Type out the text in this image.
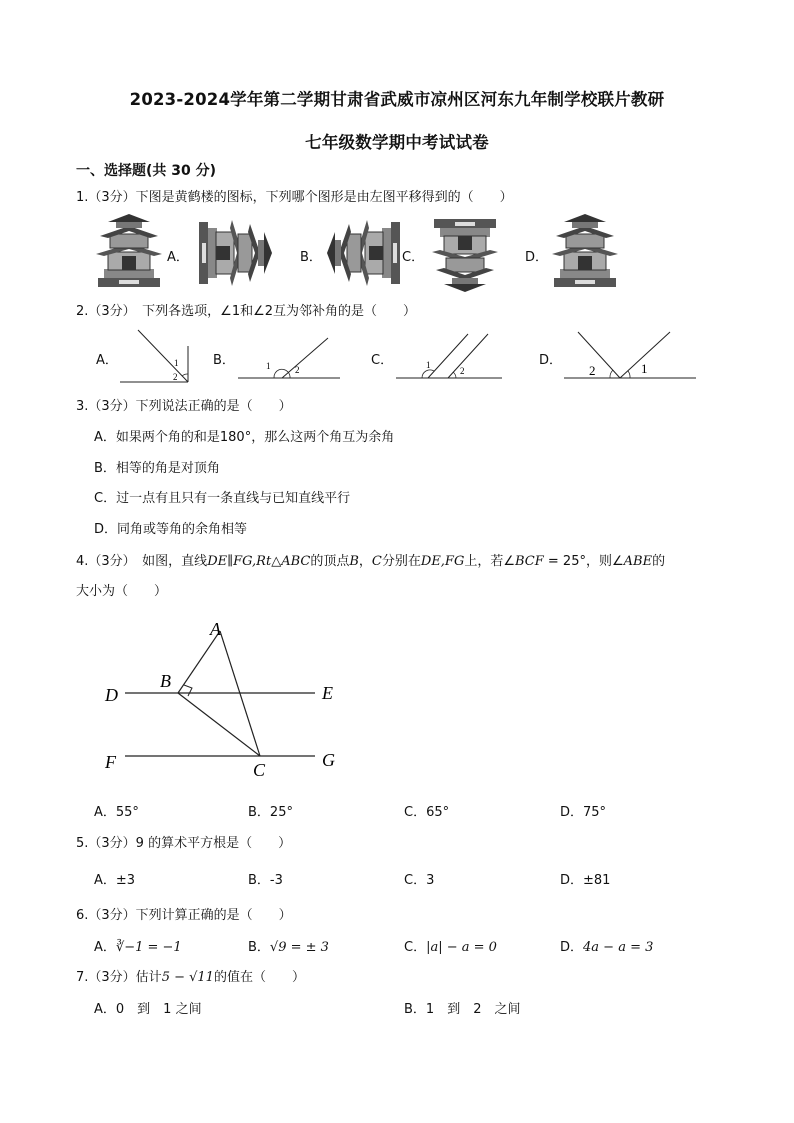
2023-2024学年第二学期甘肃省武威市凉州区河东九年制学校联片教研
七年级数学期中考试试卷
一、选择题(共 30 分)
1.（3分）下图是黄鹤楼的图标，下列哪个图形是由左图平移得到的（　　）
A．	B．	C．	D．
2.（3分）　下列各选项，∠1和∠2互为邻补角的是（　　）
A．
2
1	B．	1	2
C．	1
2
D．
2	1
3.（3分）下列说法正确的是（　　）
A．如果两个角的和是180°，那么这两个角互为余角
B．相等的角是对顶角
C．过一点有且只有一条直线与已知直线平行
D．同角或等角的余角相等
4.（3分）　如图，直线DE∥FG,Rt△ABC的顶点B，C分别在DE,FG上，若∠BCF = 25°，则∠ABE的
大小为（　　）
A
B
D	E
F	G
C
A．55°	B．25°	C．65°	D．75°
5.（3分）9 的算术平方根是（　　）
A．±3	B．-3	C．3	D．±81
6.（3分）下列计算正确的是（　　）
A．∛−1 = −1	B．√9 = ± 3	C．|a| − a = 0	D．4a − a = 3
7.（3分）估计5 − √11的值在（　　）
A．0　到　1 之间	B．1　到　2　之间
